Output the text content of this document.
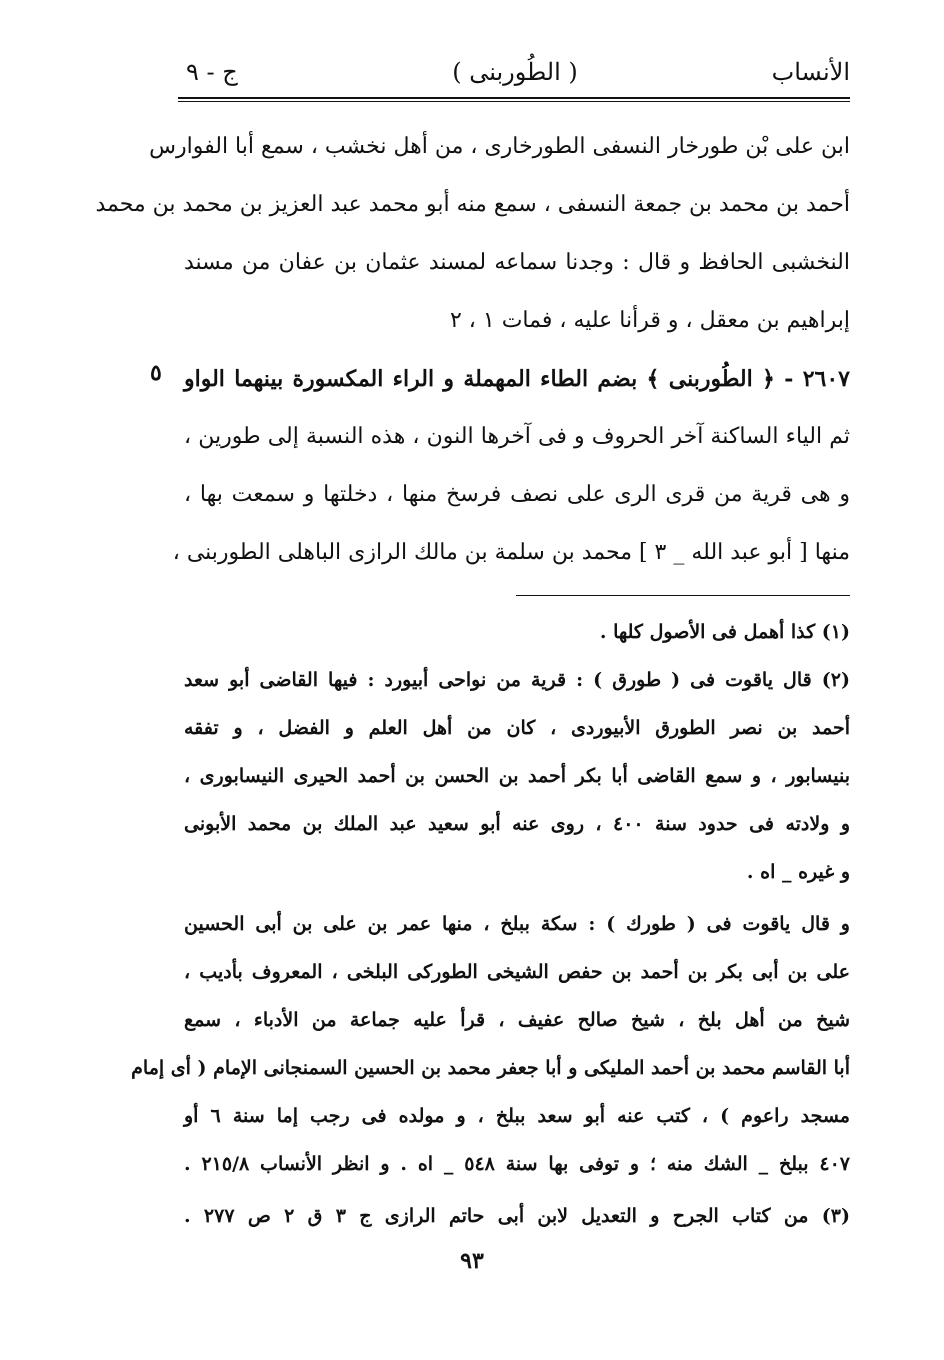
ج - ٩	( الطُوربنى )	الأنساب
٥
ابن على بْن طورخار النسفى الطورخارى ، من أهل نخشب ، سمع أبا الفوارس
أحمد بن محمد بن جمعة النسفى ، سمع منه أبو محمد عبد العزيز بن محمد بن محمد
النخشبى الحافظ و قال : وجدنا سماعه لمسند عثمان بن عفان من مسند
إبراهيم بن معقل ، و قرأنا عليه ، فمات ١ ، ٢
٢٦٠٧ - ﴿ الطُوربنى ﴾ بضم الطاء المهملة و الراء المكسورة بينهما الواو
ثم الياء الساكنة آخر الحروف و فى آخرها النون ، هذه النسبة إلى طورين ،
و هى قرية من قرى الرى على نصف فرسخ منها ، دخلتها و سمعت بها ،
منها [ أبو عبد الله _ ٣ ] محمد بن سلمة بن مالك الرازى الباهلى الطوربنى ،
(١) كذا أهمل فى الأصول كلها .
(٢) قال ياقوت فى ( طورق ) : قرية من نواحى أبيورد : فيها القاضى أبو سعد
أحمد بن نصر الطورق الأبيوردى ، كان من أهل العلم و الفضل ، و تفقه
بنيسابور ، و سمع القاضى أبا بكر أحمد بن الحسن بن أحمد الحيرى النيسابورى ،
و ولادته فى حدود سنة ٤٠٠ ، روى عنه أبو سعيد عبد الملك بن محمد الأبونى
و غيره _ اه .
و قال ياقوت فى ( طورك ) : سكة ببلخ ، منها عمر بن على بن أبى الحسين
على بن أبى بكر بن أحمد بن حفص الشيخى الطوركى البلخى ، المعروف بأديب ،
شيخ من أهل بلخ ، شيخ صالح عفيف ، قرأ عليه جماعة من الأدباء ، سمع
أبا القاسم محمد بن أحمد المليكى و أبا جعفر محمد بن الحسين السمنجانى الإمام ( أى إمام
مسجد راعوم ) ، كتب عنه أبو سعد ببلخ ، و مولده فى رجب إما سنة ٦ أو
٤٠٧ ببلخ _ الشك منه ؛ و توفى بها سنة ٥٤٨ _ اه . و انظر الأنساب ٢١٥/٨ .
(٣) من كتاب الجرح و التعديل لابن أبى حاتم الرازى ج ٣ ق ٢ ص ٢٧٧ .
٩٣
